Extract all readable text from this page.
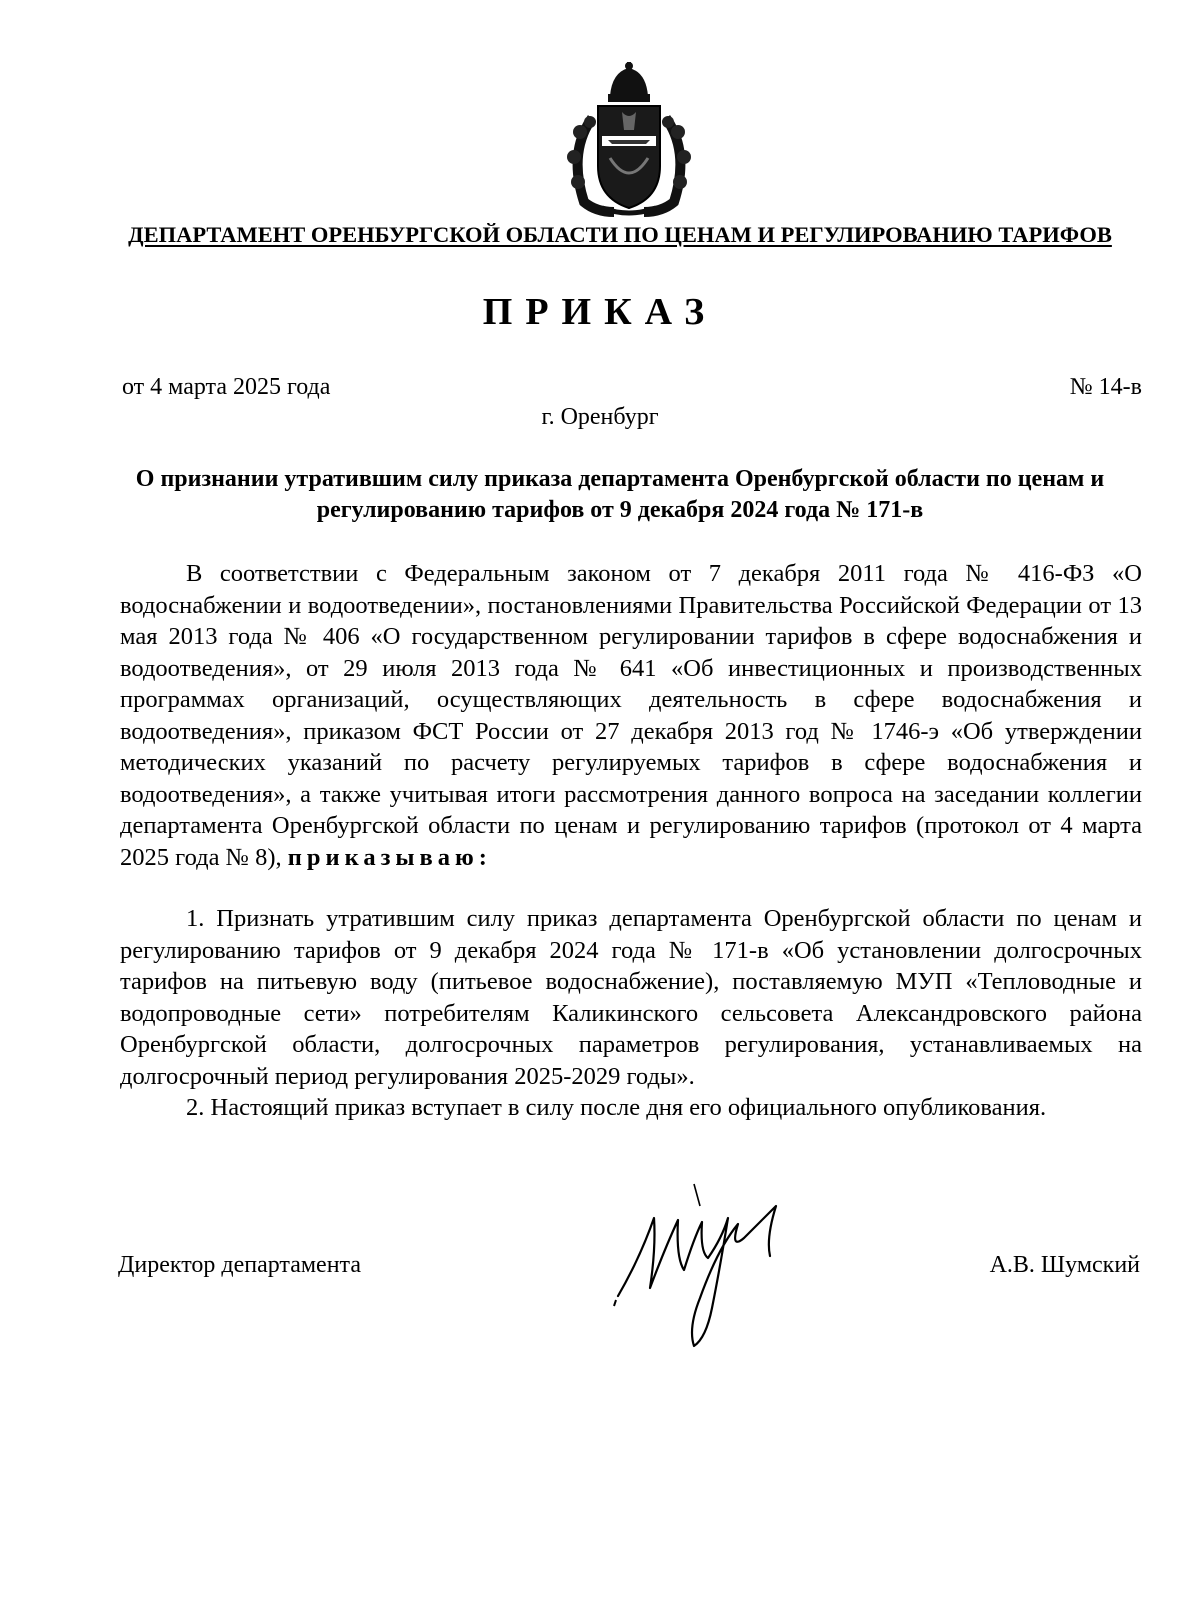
ДЕПАРТАМЕНТ ОРЕНБУРГСКОЙ ОБЛАСТИ ПО ЦЕНАМ И РЕГУЛИРОВАНИЮ ТАРИФОВ
ПРИКАЗ
от 4 марта 2025 года	№ 14-в
г. Оренбург
О признании утратившим силу приказа департамента Оренбургской области по ценам и регулированию тарифов от 9 декабря 2024 года № 171-в

В соответствии с Федеральным законом от 7 декабря 2011 года № 416-ФЗ «О водоснабжении и водоотведении», постановлениями Правительства Российской Федерации от 13 мая 2013 года № 406 «О государственном регулировании тарифов в сфере водоснабжения и водоотведения», от 29 июля 2013 года № 641 «Об инвестиционных и производственных программах организаций, осуществляющих деятельность в сфере водоснабжения и водоотведения», приказом ФСТ России от 27 декабря 2013 год № 1746-э «Об утверждении методических указаний по расчету регулируемых тарифов в сфере водоснабжения и водоотведения», а также учитывая итоги рассмотрения данного вопроса на заседании коллегии департамента Оренбургской области по ценам и регулированию тарифов (протокол от 4 марта 2025 года № 8), приказываю:

1. Признать утратившим силу приказ департамента Оренбургской области по ценам и регулированию тарифов от 9 декабря 2024 года № 171-в «Об установлении долгосрочных тарифов на питьевую воду (питьевое водоснабжение), поставляемую МУП «Тепловодные и водопроводные сети» потребителям Каликинского сельсовета Александровского района Оренбургской области, долгосрочных параметров регулирования, устанавливаемых на долгосрочный период регулирования 2025-2029 годы».

2. Настоящий приказ вступает в силу после дня его официального опубликования.

Директор департамента	А.В. Шумский
